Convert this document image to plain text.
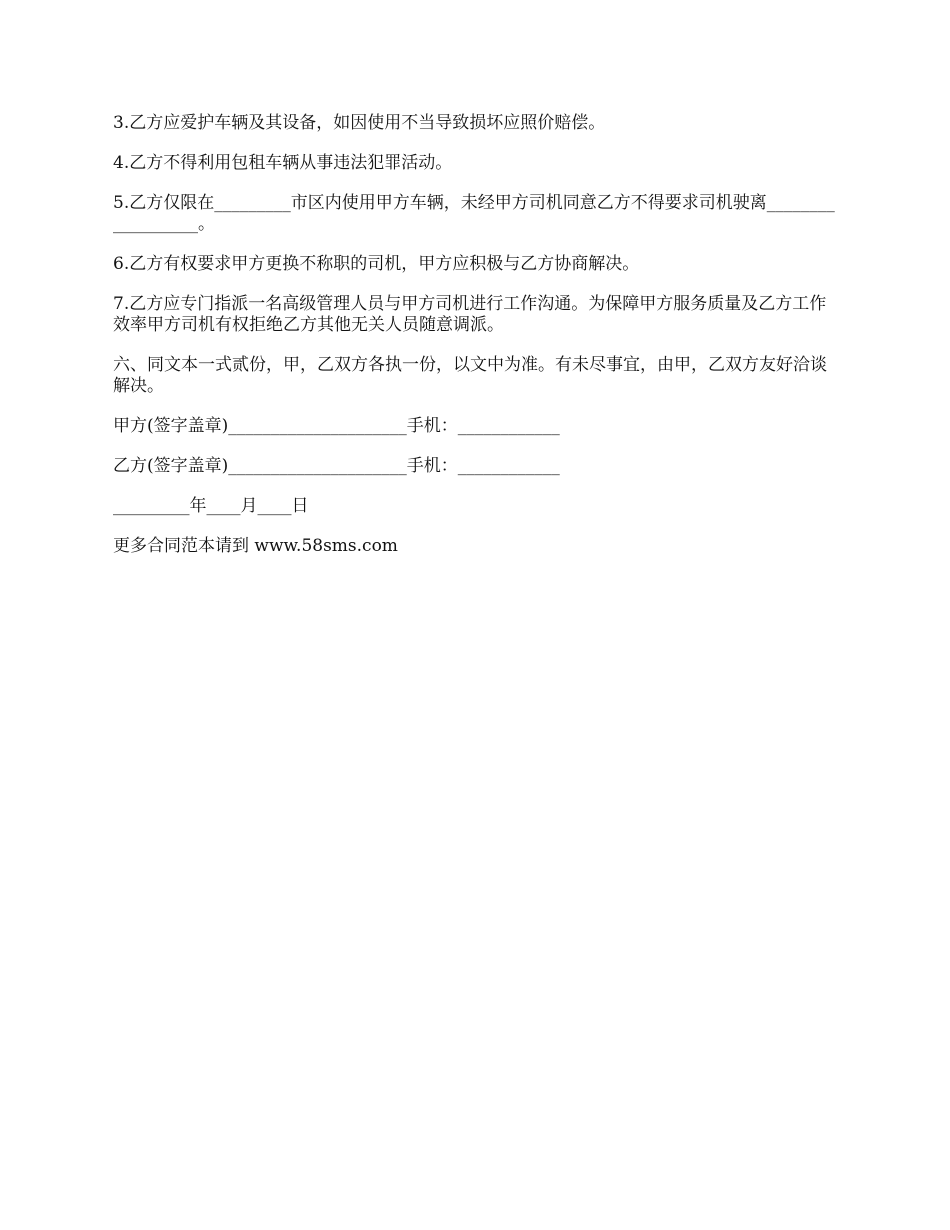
3.乙方应爱护车辆及其设备，如因使用不当导致损坏应照价赔偿。

4.乙方不得利用包租车辆从事违法犯罪活动。

5.乙方仅限在_________市区内使用甲方车辆，未经甲方司机同意乙方不得要求司机驶离__________________。

6.乙方有权要求甲方更换不称职的司机，甲方应积极与乙方协商解决。

7.乙方应专门指派一名高级管理人员与甲方司机进行工作沟通。为保障甲方服务质量及乙方工作效率甲方司机有权拒绝乙方其他无关人员随意调派。

六、同文本一式贰份，甲，乙双方各执一份，以文中为准。有未尽事宜，由甲，乙双方友好洽谈解决。

甲方(签字盖章)_____________________手机：____________

乙方(签字盖章)_____________________手机：____________

_________年____月____日

更多合同范本请到 www.58sms.com
